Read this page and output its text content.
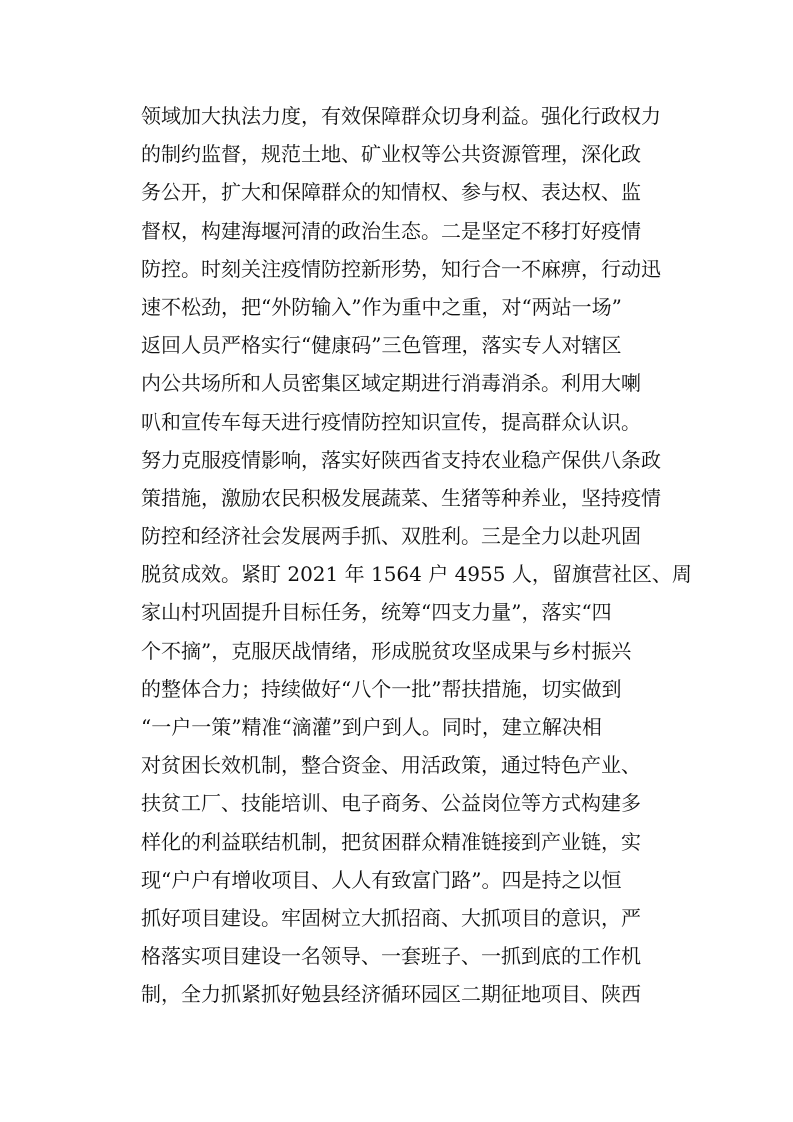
领域加大执法力度，有效保障群众切身利益。强化行政权力
的制约监督，规范土地、矿业权等公共资源管理，深化政
务公开，扩大和保障群众的知情权、参与权、表达权、监
督权，构建海堰河清的政治生态。二是坚定不移打好疫情
防控。时刻关注疫情防控新形势，知行合一不麻痹，行动迅
速不松劲，把“外防输入”作为重中之重，对“两站一场”
返回人员严格实行“健康码”三色管理，落实专人对辖区
内公共场所和人员密集区域定期进行消毒消杀。利用大喇
叭和宣传车每天进行疫情防控知识宣传，提高群众认识。
努力克服疫情影响，落实好陕西省支持农业稳产保供八条政
策措施，激励农民积极发展蔬菜、生猪等种养业，坚持疫情
防控和经济社会发展两手抓、双胜利。三是全力以赴巩固
脱贫成效。紧盯 2021 年 1564 户 4955 人，留旗营社区、周
家山村巩固提升目标任务，统筹“四支力量”，落实“四
个不摘”，克服厌战情绪，形成脱贫攻坚成果与乡村振兴
的整体合力；持续做好“八个一批”帮扶措施，切实做到
“一户一策”精准“滴灌”到户到人。同时，建立解决相
对贫困长效机制，整合资金、用活政策，通过特色产业、
扶贫工厂、技能培训、电子商务、公益岗位等方式构建多
样化的利益联结机制，把贫困群众精准链接到产业链，实
现“户户有增收项目、人人有致富门路”。四是持之以恒
抓好项目建设。牢固树立大抓招商、大抓项目的意识，严
格落实项目建设一名领导、一套班子、一抓到底的工作机
制，全力抓紧抓好勉县经济循环园区二期征地项目、陕西
